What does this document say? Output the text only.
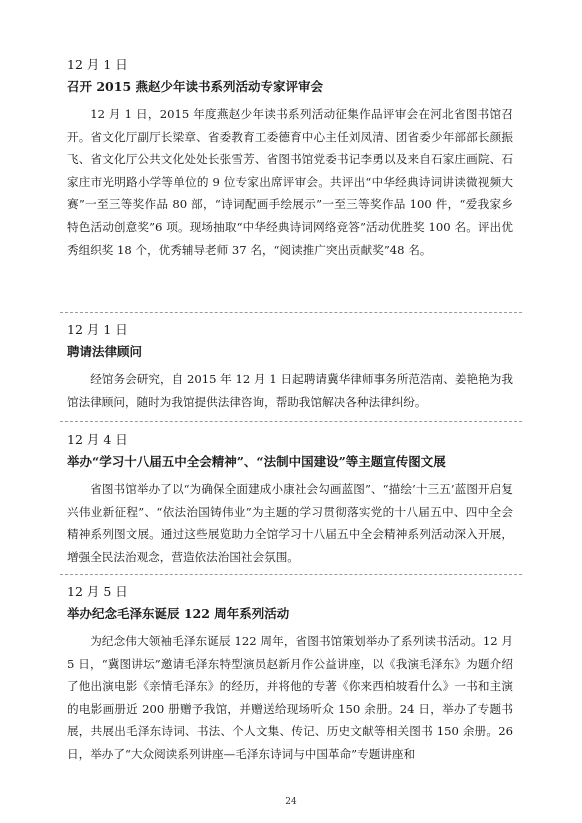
12 月 1 日

召开 2015 燕赵少年读书系列活动专家评审会

12 月 1 日，2015 年度燕赵少年读书系列活动征集作品评审会在河北省图书馆召开。省文化厅副厅长梁章、省委教育工委德育中心主任刘凤清、团省委少年部部长颜振飞、省文化厅公共文化处处长张雪芳、省图书馆党委书记李勇以及来自石家庄画院、石家庄市光明路小学等单位的 9 位专家出席评审会。共评出“中华经典诗词讲读微视频大赛”一至三等奖作品 80 部，“诗词配画手绘展示”一至三等奖作品 100 件，“爱我家乡特色活动创意奖”6 项。现场抽取“中华经典诗词网络竞答”活动优胜奖 100 名。评出优秀组织奖 18 个，优秀辅导老师 37 名，“阅读推广突出贡献奖”48 名。

12 月 1 日

聘请法律顾问

经馆务会研究，自 2015 年 12 月 1 日起聘请冀华律师事务所范浩南、姜艳艳为我馆法律顾问，随时为我馆提供法律咨询，帮助我馆解决各种法律纠纷。

12 月 4 日

举办“学习十八届五中全会精神”、“法制中国建设”等主题宣传图文展

省图书馆举办了以“为确保全面建成小康社会勾画蓝图”、“描绘‘十三五’蓝图开启复兴伟业新征程”、“依法治国铸伟业”为主题的学习贯彻落实党的十八届五中、四中全会精神系列图文展。通过这些展览助力全馆学习十八届五中全会精神系列活动深入开展，增强全民法治观念，营造依法治国社会氛围。

12 月 5 日

举办纪念毛泽东诞辰 122 周年系列活动

为纪念伟大领袖毛泽东诞辰 122 周年，省图书馆策划举办了系列读书活动。12 月 5 日，“冀图讲坛”邀请毛泽东特型演员赵新月作公益讲座，以《我演毛泽东》为题介绍了他出演电影《亲情毛泽东》的经历，并将他的专著《你来西柏坡看什么》一书和主演的电影画册近 200 册赠予我馆，并赠送给现场听众 150 余册。24 日，举办了专题书展，共展出毛泽东诗词、书法、个人文集、传记、历史文献等相关图书 150 余册。26 日，举办了“大众阅读系列讲座—毛泽东诗词与中国革命”专题讲座和

24
